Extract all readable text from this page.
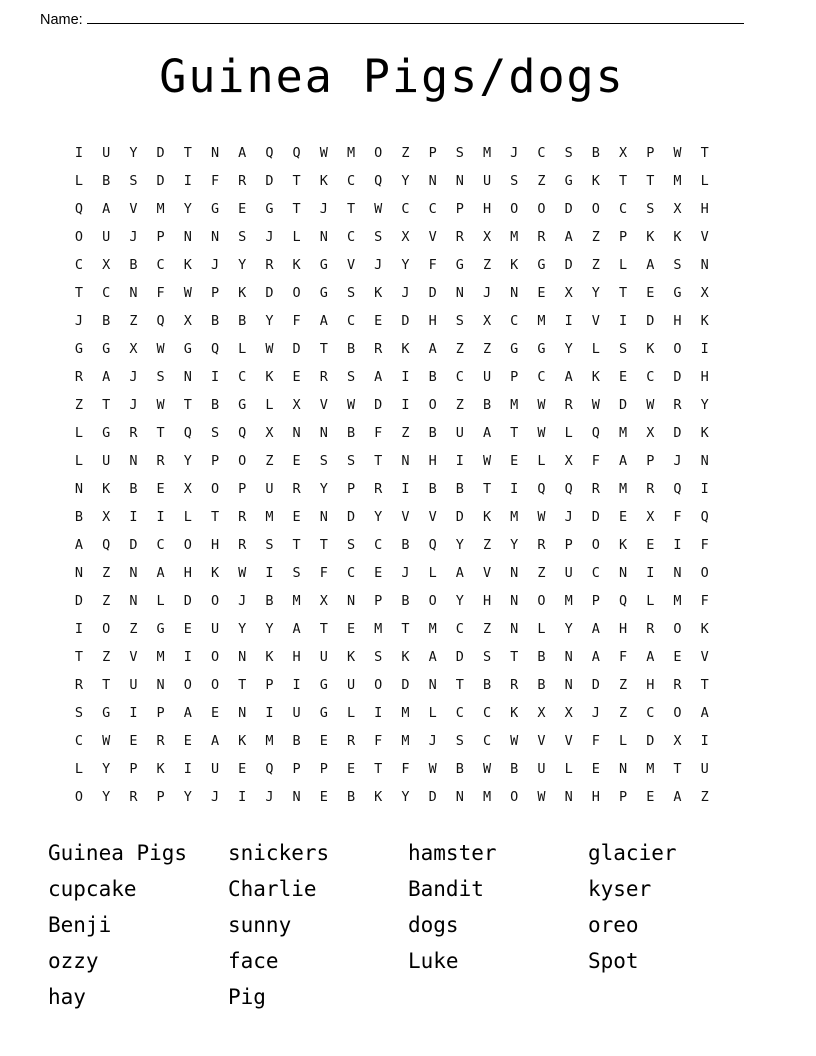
Name:
Guinea Pigs/dogs
I	U	Y	D	T	N	A	Q	Q	W	M	O	Z	P	S	M	J	C	S	B	X	P	W	T
L	B	S	D	I	F	R	D	T	K	C	Q	Y	N	N	U	S	Z	G	K	T	T	M	L
Q	A	V	M	Y	G	E	G	T	J	T	W	C	C	P	H	O	O	D	O	C	S	X	H
O	U	J	P	N	N	S	J	L	N	C	S	X	V	R	X	M	R	A	Z	P	K	K	V
C	X	B	C	K	J	Y	R	K	G	V	J	Y	F	G	Z	K	G	D	Z	L	A	S	N
T	C	N	F	W	P	K	D	O	G	S	K	J	D	N	J	N	E	X	Y	T	E	G	X
J	B	Z	Q	X	B	B	Y	F	A	C	E	D	H	S	X	C	M	I	V	I	D	H	K
G	G	X	W	G	Q	L	W	D	T	B	R	K	A	Z	Z	G	G	Y	L	S	K	O	I
R	A	J	S	N	I	C	K	E	R	S	A	I	B	C	U	P	C	A	K	E	C	D	H
Z	T	J	W	T	B	G	L	X	V	W	D	I	O	Z	B	M	W	R	W	D	W	R	Y
L	G	R	T	Q	S	Q	X	N	N	B	F	Z	B	U	A	T	W	L	Q	M	X	D	K
L	U	N	R	Y	P	O	Z	E	S	S	T	N	H	I	W	E	L	X	F	A	P	J	N
N	K	B	E	X	O	P	U	R	Y	P	R	I	B	B	T	I	Q	Q	R	M	R	Q	I
B	X	I	I	L	T	R	M	E	N	D	Y	V	V	D	K	M	W	J	D	E	X	F	Q
A	Q	D	C	O	H	R	S	T	T	S	C	B	Q	Y	Z	Y	R	P	O	K	E	I	F
N	Z	N	A	H	K	W	I	S	F	C	E	J	L	A	V	N	Z	U	C	N	I	N	O
D	Z	N	L	D	O	J	B	M	X	N	P	B	O	Y	H	N	O	M	P	Q	L	M	F
I	O	Z	G	E	U	Y	Y	A	T	E	M	T	M	C	Z	N	L	Y	A	H	R	O	K
T	Z	V	M	I	O	N	K	H	U	K	S	K	A	D	S	T	B	N	A	F	A	E	V
R	T	U	N	O	O	T	P	I	G	U	O	D	N	T	B	R	B	N	D	Z	H	R	T
S	G	I	P	A	E	N	I	U	G	L	I	M	L	C	C	K	X	X	J	Z	C	O	A
C	W	E	R	E	A	K	M	B	E	R	F	M	J	S	C	W	V	V	F	L	D	X	I
L	Y	P	K	I	U	E	Q	P	P	E	T	F	W	B	W	B	U	L	E	N	M	T	U
O	Y	R	P	Y	J	I	J	N	E	B	K	Y	D	N	M	O	W	N	H	P	E	A	Z
Guinea Pigs	snickers	hamster	glacier
cupcake	Charlie	Bandit	kyser
Benji	sunny	dogs	oreo
ozzy	face	Luke	Spot
hay	Pig
